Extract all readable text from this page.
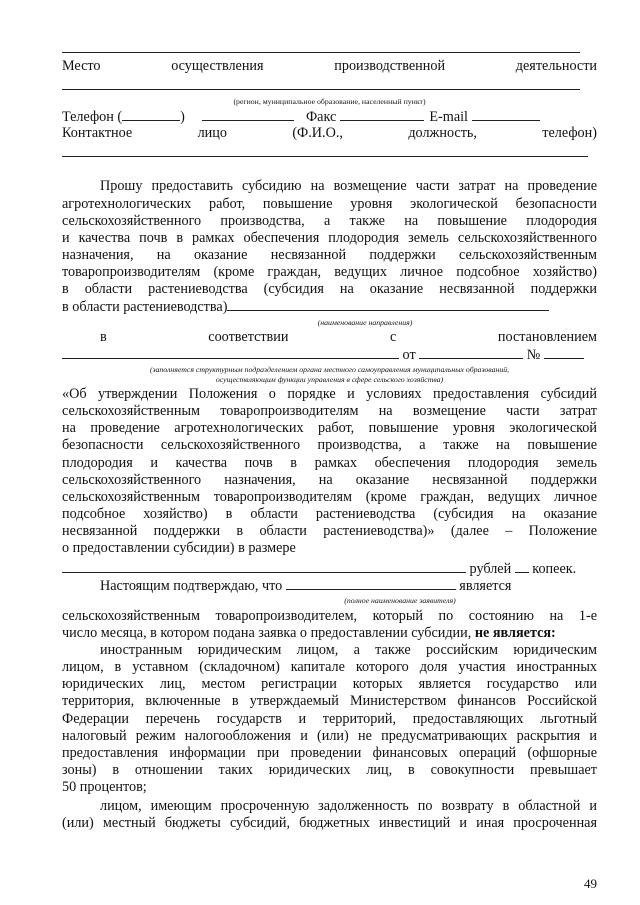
Место	осуществления	производственной	деятельности
(регион, муниципальное образование, населенный пункт)
Телефон (	)	Факс	E-mail
Контактное	лицо	(Ф.И.О.,	должность,	телефон)
Прошу предоставить субсидию на возмещение части затрат на проведение
агротехнологических работ, повышение уровня экологической безопасности
сельскохозяйственного производства, а также на повышение плодородия
и качества почв в рамках обеспечения плодородия земель сельскохозяйственного
назначения, на оказание несвязанной поддержки сельскохозяйственным
товаропроизводителям (кроме граждан, ведущих личное подсобное хозяйство)
в области растениеводства (субсидия на оказание несвязанной поддержки
в области растениеводства)
(наименование направления)
в	соответствии	с	постановлением
от	№
(заполняется структурным подразделением органа местного самоуправления муниципальных образований,
осуществляющим функции управления в сфере сельского хозяйства)
«Об утверждении Положения о порядке и условиях предоставления субсидий
сельскохозяйственным товаропроизводителям на возмещение части затрат
на проведение агротехнологических работ, повышение уровня экологической
безопасности сельскохозяйственного производства, а также на повышение
плодородия и качества почв в рамках обеспечения плодородия земель
сельскохозяйственного назначения, на оказание несвязанной поддержки
сельскохозяйственным товаропроизводителям (кроме граждан, ведущих личное
подсобное хозяйство) в области растениеводства (субсидия на оказание
несвязанной поддержки в области растениеводства)» (далее – Положение
о предоставлении субсидии) в размере
рублей копеек.
Настоящим подтверждаю, что	является
(полное наименование заявителя)
сельскохозяйственным товаропроизводителем, который по состоянию на 1-е
число месяца, в котором подана заявка о предоставлении субсидии, не является:
иностранным юридическим лицом, а также российским юридическим
лицом, в уставном (складочном) капитале которого доля участия иностранных
юридических лиц, местом регистрации которых является государство или
территория, включенные в утверждаемый Министерством финансов Российской
Федерации перечень государств и территорий, предоставляющих льготный
налоговый режим налогообложения и (или) не предусматривающих раскрытия и
предоставления информации при проведении финансовых операций (офшорные
зоны) в отношении таких юридических лиц, в совокупности превышает
50 процентов;
лицом, имеющим просроченную задолженность по возврату в областной и
(или) местный бюджеты субсидий, бюджетных инвестиций и иная просроченная
49
